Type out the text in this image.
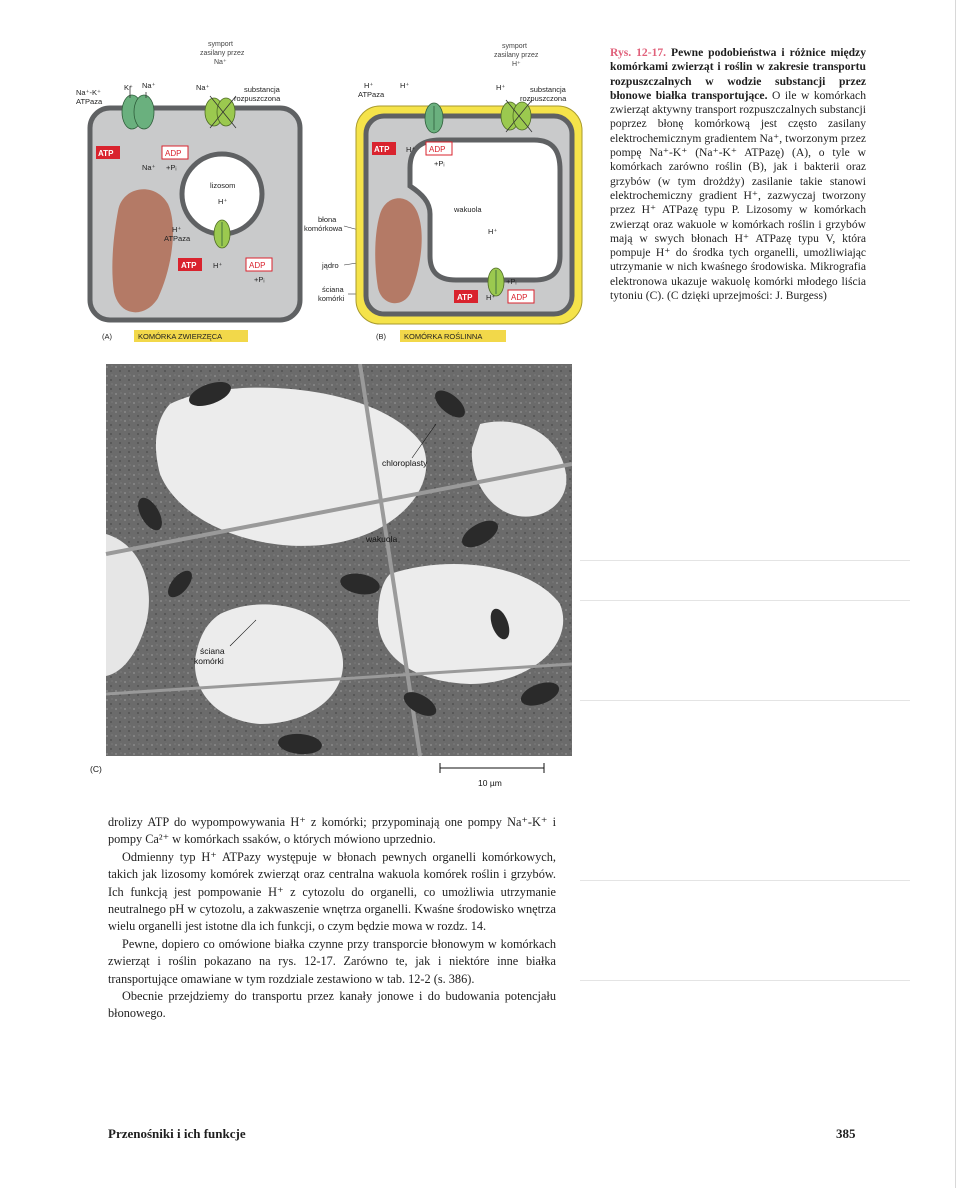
symport
zasilany przez
Na⁺
Na⁺-K⁺
ATPaza
K⁺ Na⁺	Na⁺	substancja
rozpuszczona
ATP	ADP
+Pᵢ
Na⁺
lizosom
H⁺
H⁺
ATPaza
ATP H⁺	ADP
+Pᵢ
(A)	KOMÓRKA ZWIERZĘCA
błona
komórkowa
jądro
ściana
komórki
symport
zasilany przez
H⁺
H⁺
ATPaza
H⁺	H⁺	substancja
rozpuszczona
ATP H⁺ ADP
+Pᵢ
wakuola
H⁺
ATP H⁺ ADP
+Pᵢ
(B) KOMÓRKA ROŚLINNA
chloroplasty
wakuola
ściana
komórki
(C)
10 µm
Rys. 12-17. Pewne podobieństwa i różnice między komórkami zwierząt i roślin w zakresie transportu rozpuszczalnych w wodzie substancji przez błonowe białka transportujące. O ile w komórkach zwierząt aktywny transport rozpuszczalnych substancji poprzez błonę komórkową jest często zasilany elektrochemicznym gradientem Na⁺, tworzonym przez pompę Na⁺-K⁺ (Na⁺-K⁺ ATPazę) (A), o tyle w komórkach zarówno roślin (B), jak i bakterii oraz grzybów (w tym drożdży) zasilanie takie stanowi elektrochemiczny gradient H⁺, zazwyczaj tworzony przez H⁺ ATPazę typu P. Lizosomy w komórkach zwierząt oraz wakuole w komórkach roślin i grzybów mają w swych błonach H⁺ ATPazę typu V, która pompuje H⁺ do środka tych organelli, umożliwiając utrzymanie w nich kwaśnego środowiska. Mikrografia elektronowa ukazuje wakuolę komórki młodego liścia tytoniu (C). (C dzięki uprzejmości: J. Burgess)

drolizy ATP do wypompowywania H⁺ z komórki; przypominają one pompy Na⁺-K⁺ i pompy Ca²⁺ w komórkach ssaków, o których mówiono uprzednio.

Odmienny typ H⁺ ATPazy występuje w błonach pewnych organelli komórkowych, takich jak lizosomy komórek zwierząt oraz centralna wakuola komórek roślin i grzybów. Ich funkcją jest pompowanie H⁺ z cytozolu do organelli, co umożliwia utrzymanie neutralnego pH w cytozolu, a zakwaszenie wnętrza organelli. Kwaśne środowisko wnętrza wielu organelli jest istotne dla ich funkcji, o czym będzie mowa w rozdz. 14.

Pewne, dopiero co omówione białka czynne przy transporcie błonowym w komórkach zwierząt i roślin pokazano na rys. 12-17. Zarówno te, jak i niektóre inne białka transportujące omawiane w tym rozdziale zestawiono w tab. 12-2 (s. 386).

Obecnie przejdziemy do transportu przez kanały jonowe i do budowania potencjału błonowego.

Przenośniki i ich funkcje	385
